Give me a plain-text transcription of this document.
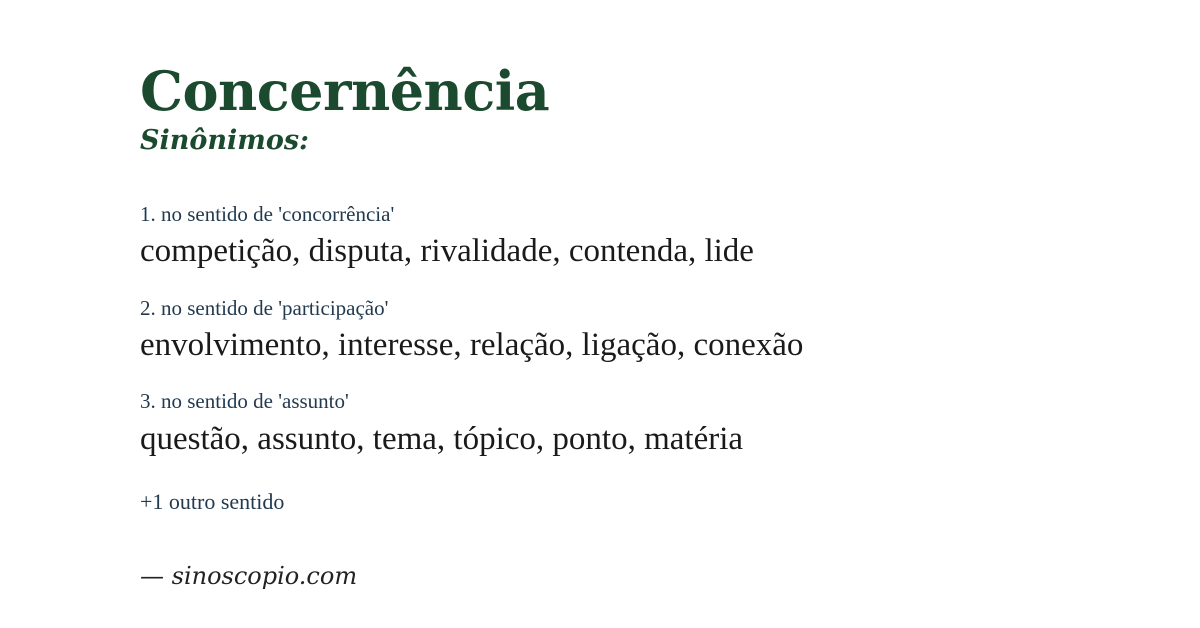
Concernência
Sinônimos:
1. no sentido de 'concorrência'
competição, disputa, rivalidade, contenda, lide
2. no sentido de 'participação'
envolvimento, interesse, relação, ligação, conexão
3. no sentido de 'assunto'
questão, assunto, tema, tópico, ponto, matéria
+1 outro sentido
— sinoscopio.com
